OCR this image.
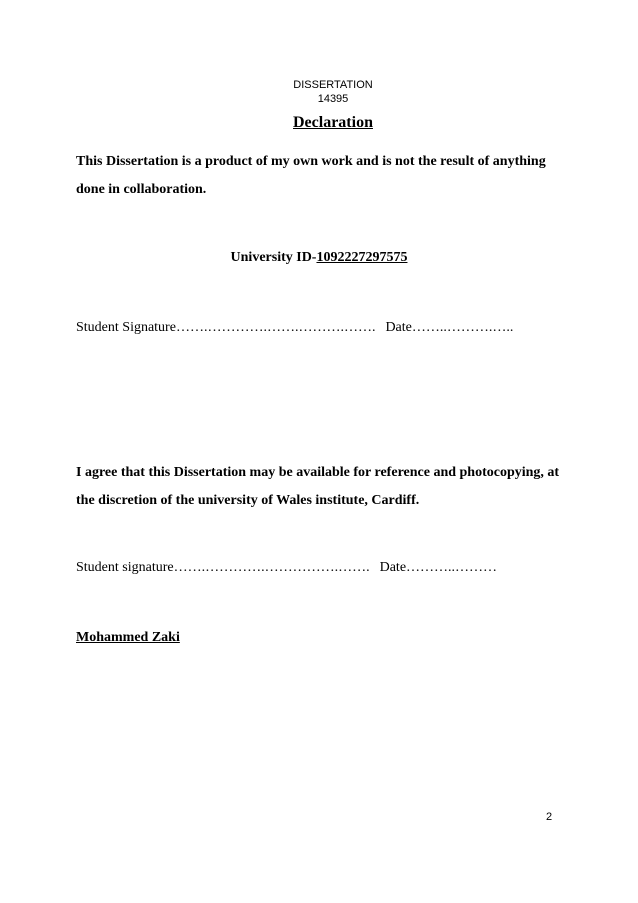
DISSERTATION
14395
Declaration
This Dissertation is a product of my own work and is not the result of anything done in collaboration.
University ID-1092227297575
Student Signature…….………….…….……….……. Date……..……….…..
I agree that this Dissertation may be available for reference and photocopying, at the discretion of the university of Wales institute, Cardiff.
Student signature…….………….…………….……. Date………..………
Mohammed Zaki
2
